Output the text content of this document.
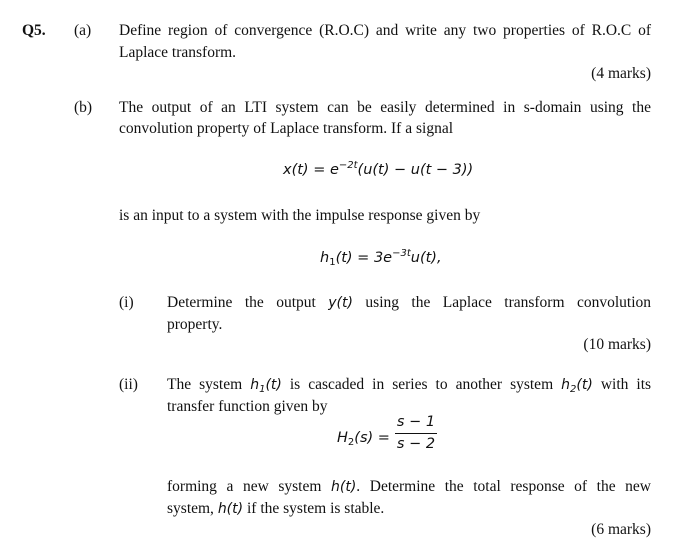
Q5. (a) Define region of convergence (R.O.C) and write any two properties of R.O.C of
Laplace transform.
(4 marks)
(b) The output of an LTI system can be easily determined in s-domain using the
convolution property of Laplace transform. If a signal
$x(t) = e^{-2t}(u(t) - u(t - 3))$
is an input to a system with the impulse response given by
$h_1(t) = 3e^{-3t}u(t)$,
(i) Determine the output y(t) using the Laplace transform convolution
property.
(10 marks)
(ii) The system $h_1(t)$ is cascaded in series to another system $h_2(t)$ with its
transfer function given by
$H_2(s)$ =
s − 1
s − 2
forming a new system h(t). Determine the total response of the new
system, h(t) if the system is stable.
(6 marks)
